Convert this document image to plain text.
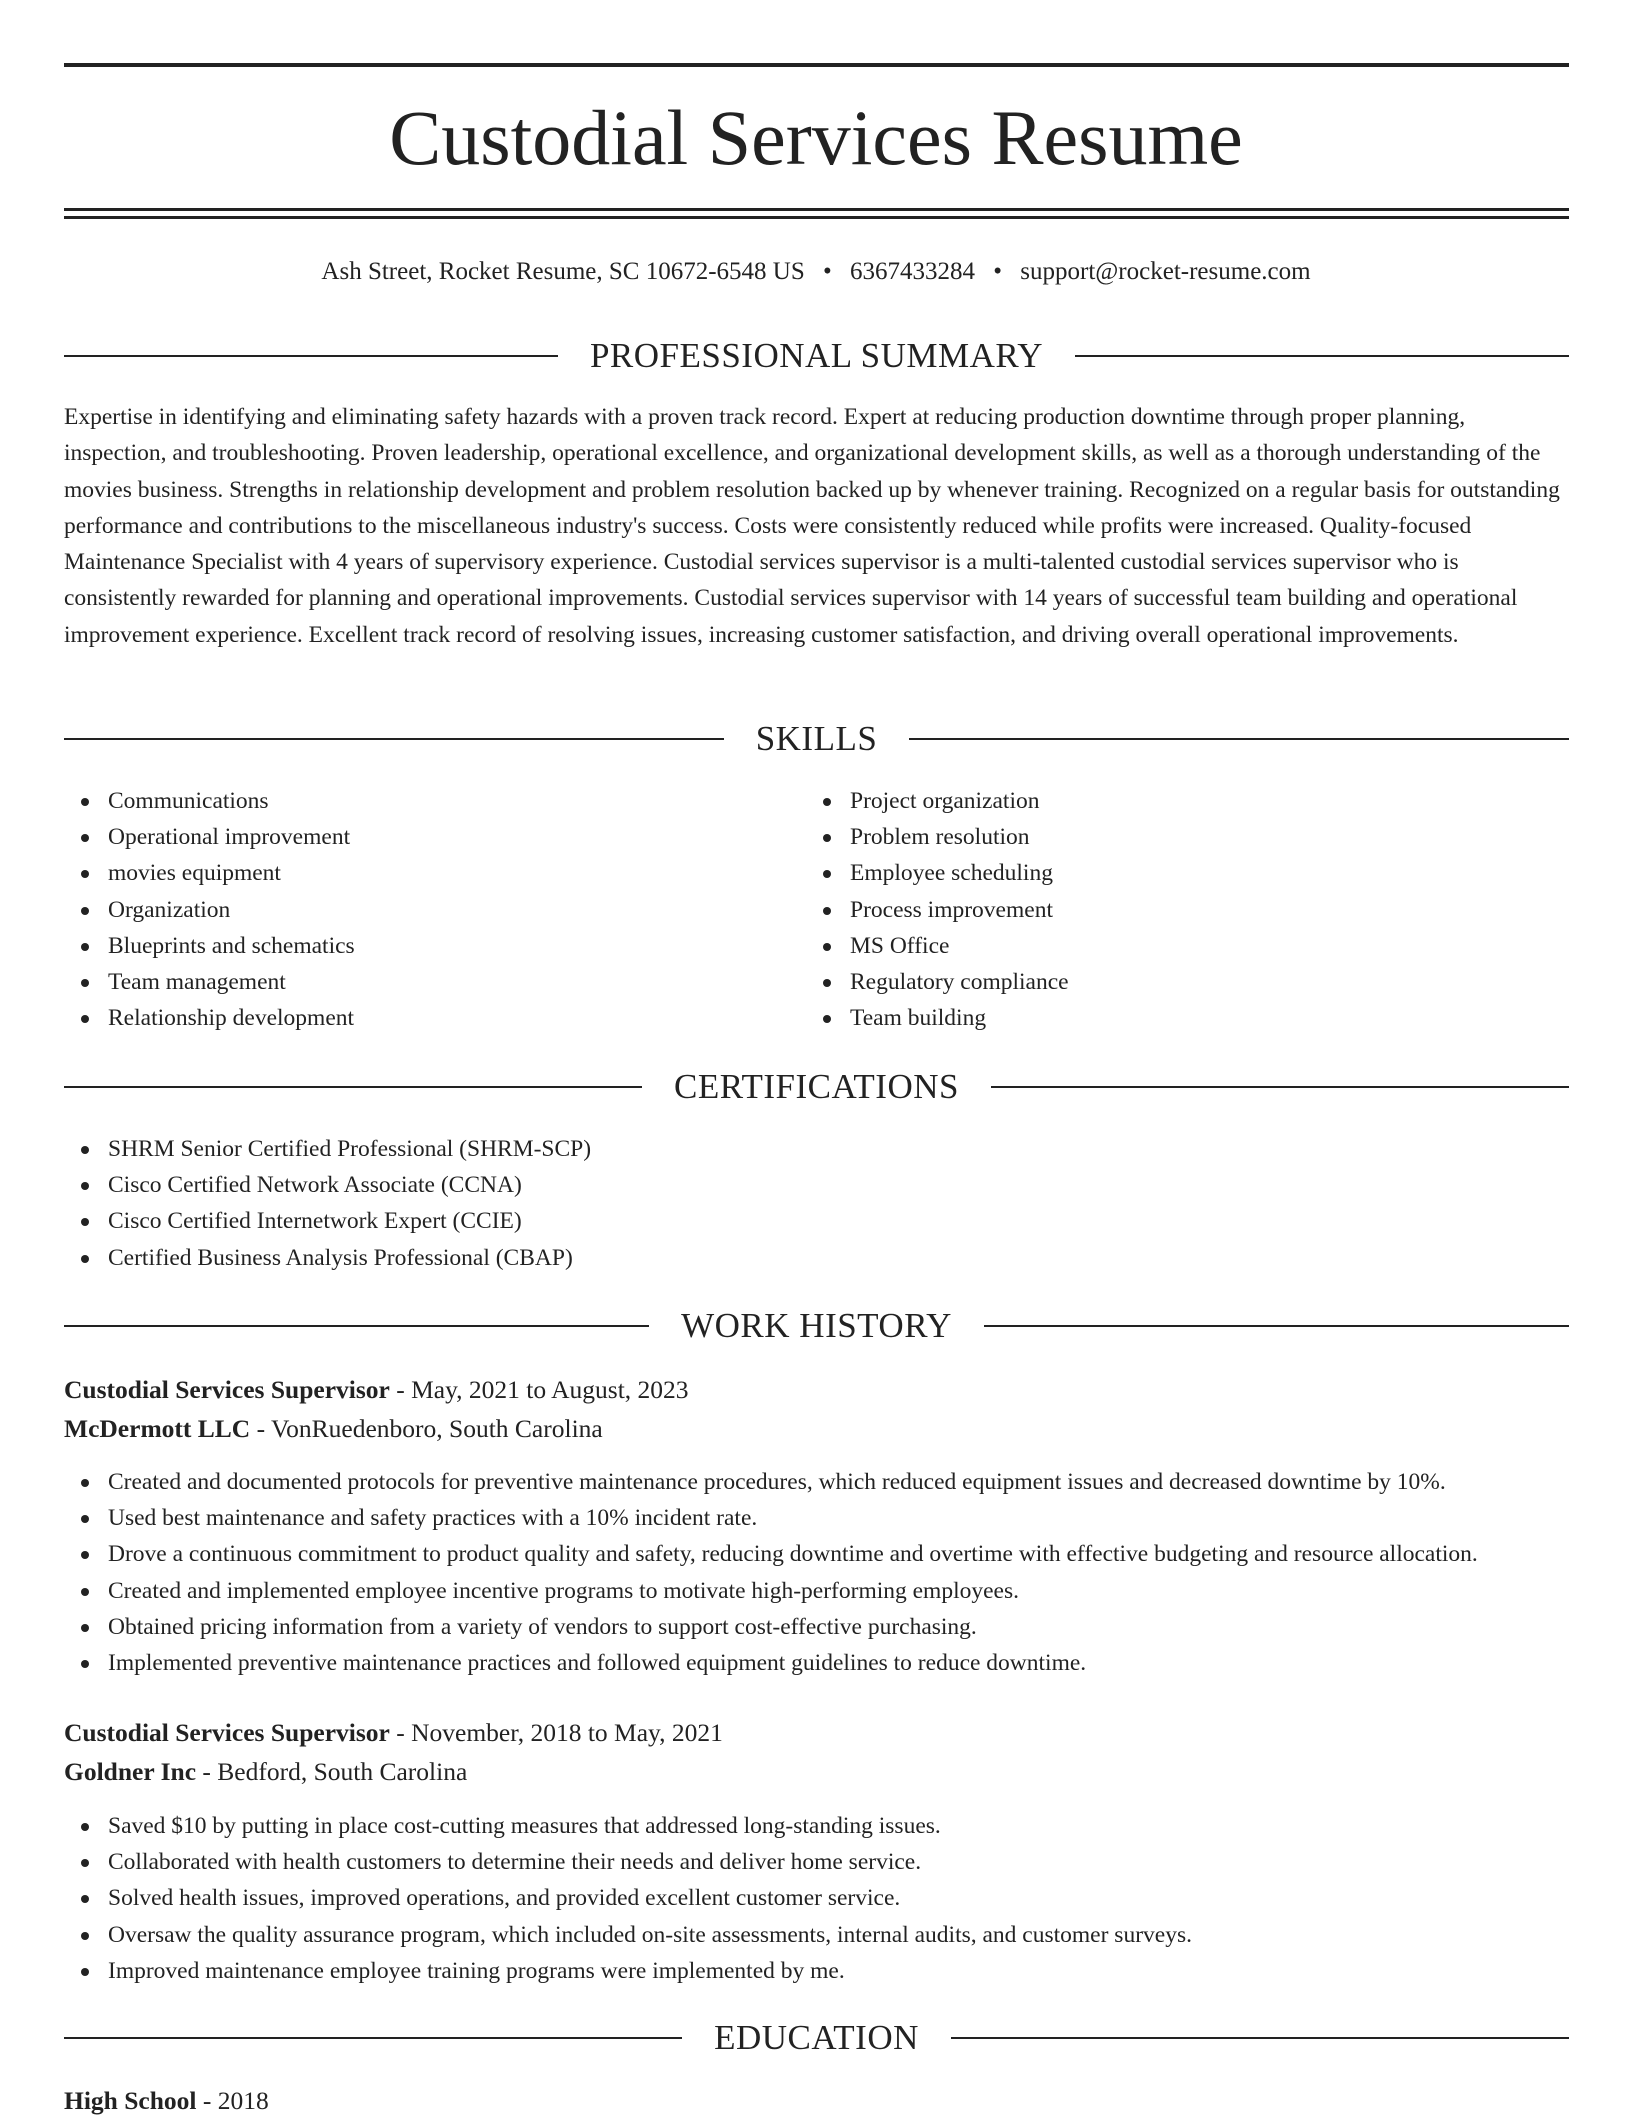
Custodial Services Resume
Ash Street, Rocket Resume, SC 10672-6548 US • 6367433284 • support@rocket-resume.com
PROFESSIONAL SUMMARY

Expertise in identifying and eliminating safety hazards with a proven track record. Expert at reducing production downtime through proper planning, inspection, and troubleshooting. Proven leadership, operational excellence, and organizational development skills, as well as a thorough understanding of the movies business. Strengths in relationship development and problem resolution backed up by whenever training. Recognized on a regular basis for outstanding performance and contributions to the miscellaneous industry's success. Costs were consistently reduced while profits were increased. Quality-focused Maintenance Specialist with 4 years of supervisory experience. Custodial services supervisor is a multi-talented custodial services supervisor who is consistently rewarded for planning and operational improvements. Custodial services supervisor with 14 years of successful team building and operational improvement experience. Excellent track record of resolving issues, increasing customer satisfaction, and driving overall operational improvements.

SKILLS
Communications
Operational improvement
movies equipment
Organization
Blueprints and schematics
Team management
Relationship development
Project organization
Problem resolution
Employee scheduling
Process improvement
MS Office
Regulatory compliance
Team building
CERTIFICATIONS
SHRM Senior Certified Professional (SHRM-SCP)
Cisco Certified Network Associate (CCNA)
Cisco Certified Internetwork Expert (CCIE)
Certified Business Analysis Professional (CBAP)
WORK HISTORY
Custodial Services Supervisor - May, 2021 to August, 2023
McDermott LLC - VonRuedenboro, South Carolina
Created and documented protocols for preventive maintenance procedures, which reduced equipment issues and decreased downtime by 10%.
Used best maintenance and safety practices with a 10% incident rate.
Drove a continuous commitment to product quality and safety, reducing downtime and overtime with effective budgeting and resource allocation.
Created and implemented employee incentive programs to motivate high-performing employees.
Obtained pricing information from a variety of vendors to support cost-effective purchasing.
Implemented preventive maintenance practices and followed equipment guidelines to reduce downtime.
Custodial Services Supervisor - November, 2018 to May, 2021
Goldner Inc - Bedford, South Carolina
Saved $10 by putting in place cost-cutting measures that addressed long-standing issues.
Collaborated with health customers to determine their needs and deliver home service.
Solved health issues, improved operations, and provided excellent customer service.
Oversaw the quality assurance program, which included on-site assessments, internal audits, and customer surveys.
Improved maintenance employee training programs were implemented by me.
EDUCATION
High School - 2018
